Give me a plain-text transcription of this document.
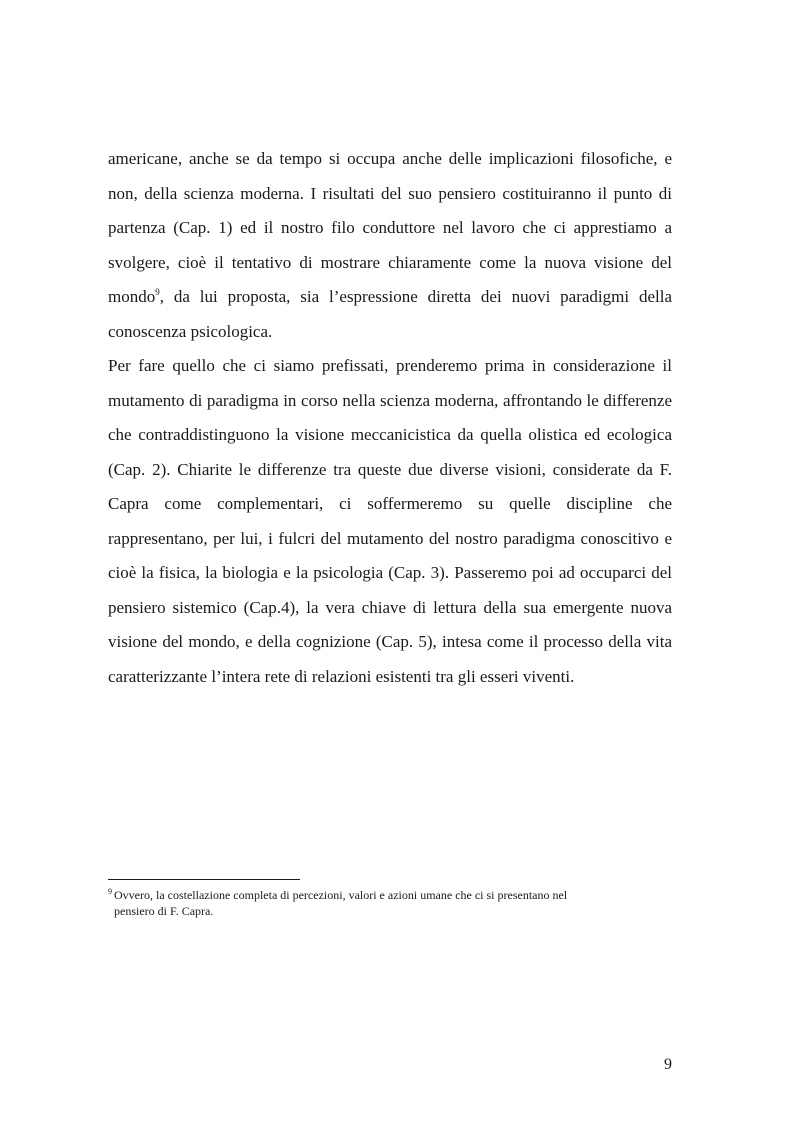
americane, anche se da tempo si occupa anche delle implicazioni filosofiche, e non, della scienza moderna. I risultati del suo pensiero costituiranno il punto di partenza (Cap. 1) ed il nostro filo conduttore nel lavoro che ci apprestiamo a svolgere, cioè il tentativo di mostrare chiaramente come la nuova visione del mondo$^9$, da lui proposta, sia l’espressione diretta dei nuovi paradigmi della conoscenza psicologica.

Per fare quello che ci siamo prefissati, prenderemo prima in considerazione il mutamento di paradigma in corso nella scienza moderna, affrontando le differenze che contraddistinguono la visione meccanicistica da quella olistica ed ecologica (Cap. 2). Chiarite le differenze tra queste due diverse visioni, considerate da F. Capra come complementari, ci soffermeremo su quelle discipline che rappresentano, per lui, i fulcri del mutamento del nostro paradigma conoscitivo e cioè la fisica, la biologia e la psicologia (Cap. 3). Passeremo poi ad occuparci del pensiero sistemico (Cap.4), la vera chiave di lettura della sua emergente nuova visione del mondo, e della cognizione (Cap. 5), intesa come il processo della vita caratterizzante l’intera rete di relazioni esistenti tra gli esseri viventi.

$^9$ Ovvero, la costellazione completa di percezioni, valori e azioni umane che ci si presentano nel
pensiero di F. Capra.
9
